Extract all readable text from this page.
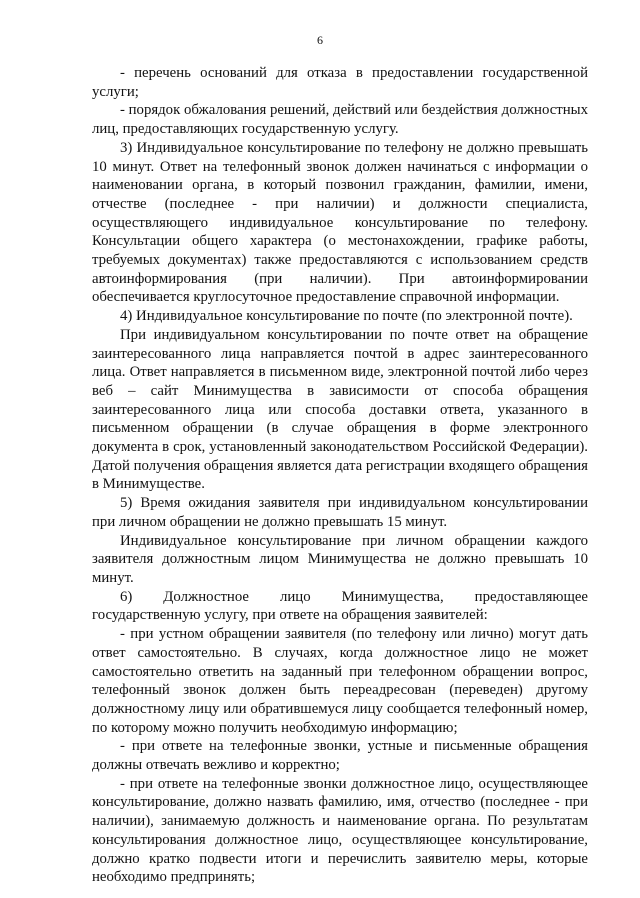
6

- перечень оснований для отказа в предоставлении государственной услуги;

- порядок обжалования решений, действий или бездействия должностных лиц, предоставляющих государственную услугу.

3) Индивидуальное консультирование по телефону не должно превышать 10 минут. Ответ на телефонный звонок должен начинаться с информации о наименовании органа, в который позвонил гражданин, фамилии, имени, отчестве (последнее - при наличии) и должности специалиста, осуществляющего индивидуальное консультирование по телефону. Консультации общего характера (о местонахождении, графике работы, требуемых документах) также предоставляются с использованием средств автоинформирования (при наличии). При автоинформировании обеспечивается круглосуточное предоставление справочной информации.

4) Индивидуальное консультирование по почте (по электронной почте).

При индивидуальном консультировании по почте ответ на обращение заинтересованного лица направляется почтой в адрес заинтересованного лица. Ответ направляется в письменном виде, электронной почтой либо через веб – сайт Минимущества в зависимости от способа обращения заинтересованного лица или способа доставки ответа, указанного в письменном обращении (в случае обращения в форме электронного документа в срок, установленный законодательством Российской Федерации). Датой получения обращения является дата регистрации входящего обращения в Минимуществе.

5) Время ожидания заявителя при индивидуальном консультировании при личном обращении не должно превышать 15 минут.

Индивидуальное консультирование при личном обращении каждого заявителя должностным лицом Минимущества не должно превышать 10 минут.

6) Должностное лицо Минимущества, предоставляющее государственную услугу, при ответе на обращения заявителей:

- при устном обращении заявителя (по телефону или лично) могут дать ответ самостоятельно. В случаях, когда должностное лицо не может самостоятельно ответить на заданный при телефонном обращении вопрос, телефонный звонок должен быть переадресован (переведен) другому должностному лицу или обратившемуся лицу сообщается телефонный номер, по которому можно получить необходимую информацию;

- при ответе на телефонные звонки, устные и письменные обращения должны отвечать вежливо и корректно;

- при ответе на телефонные звонки должностное лицо, осуществляющее консультирование, должно назвать фамилию, имя, отчество (последнее - при наличии), занимаемую должность и наименование органа. По результатам консультирования должностное лицо, осуществляющее консультирование, должно кратко подвести итоги и перечислить заявителю меры, которые необходимо предпринять;
